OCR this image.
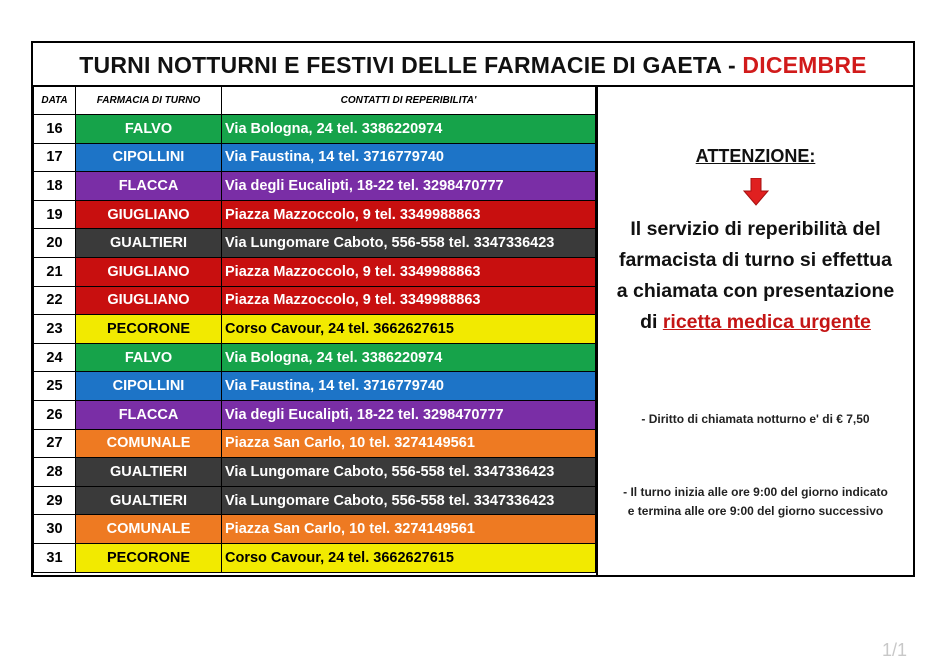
TURNI NOTTURNI E FESTIVI DELLE FARMACIE DI GAETA - DICEMBRE
DATA	FARMACIA DI TURNO	CONTATTI DI REPERIBILITA'
16	FALVO	Via Bologna, 24 tel. 3386220974
17	CIPOLLINI	Via Faustina, 14 tel. 3716779740
18	FLACCA	Via degli Eucalipti, 18-22 tel. 3298470777
19	GIUGLIANO	Piazza Mazzoccolo, 9 tel. 3349988863
20	GUALTIERI	Via Lungomare Caboto, 556-558 tel. 3347336423
21	GIUGLIANO	Piazza Mazzoccolo, 9 tel. 3349988863
22	GIUGLIANO	Piazza Mazzoccolo, 9 tel. 3349988863
23	PECORONE	Corso Cavour, 24 tel. 3662627615
24	FALVO	Via Bologna, 24 tel. 3386220974
25	CIPOLLINI	Via Faustina, 14 tel. 3716779740
26	FLACCA	Via degli Eucalipti, 18-22 tel. 3298470777
27	COMUNALE	Piazza San Carlo, 10 tel. 3274149561
28	GUALTIERI	Via Lungomare Caboto, 556-558 tel. 3347336423
29	GUALTIERI	Via Lungomare Caboto, 556-558 tel. 3347336423
30	COMUNALE	Piazza San Carlo, 10 tel. 3274149561
31	PECORONE	Corso Cavour, 24 tel. 3662627615
ATTENZIONE:
Il servizio di reperibilità del
farmacista di turno si effettua
a chiamata con presentazione
di ricetta medica urgente
- Diritto di chiamata notturno e' di € 7,50
- Il turno inizia alle ore 9:00 del giorno indicato
e termina alle ore 9:00 del giorno successivo
1/1
